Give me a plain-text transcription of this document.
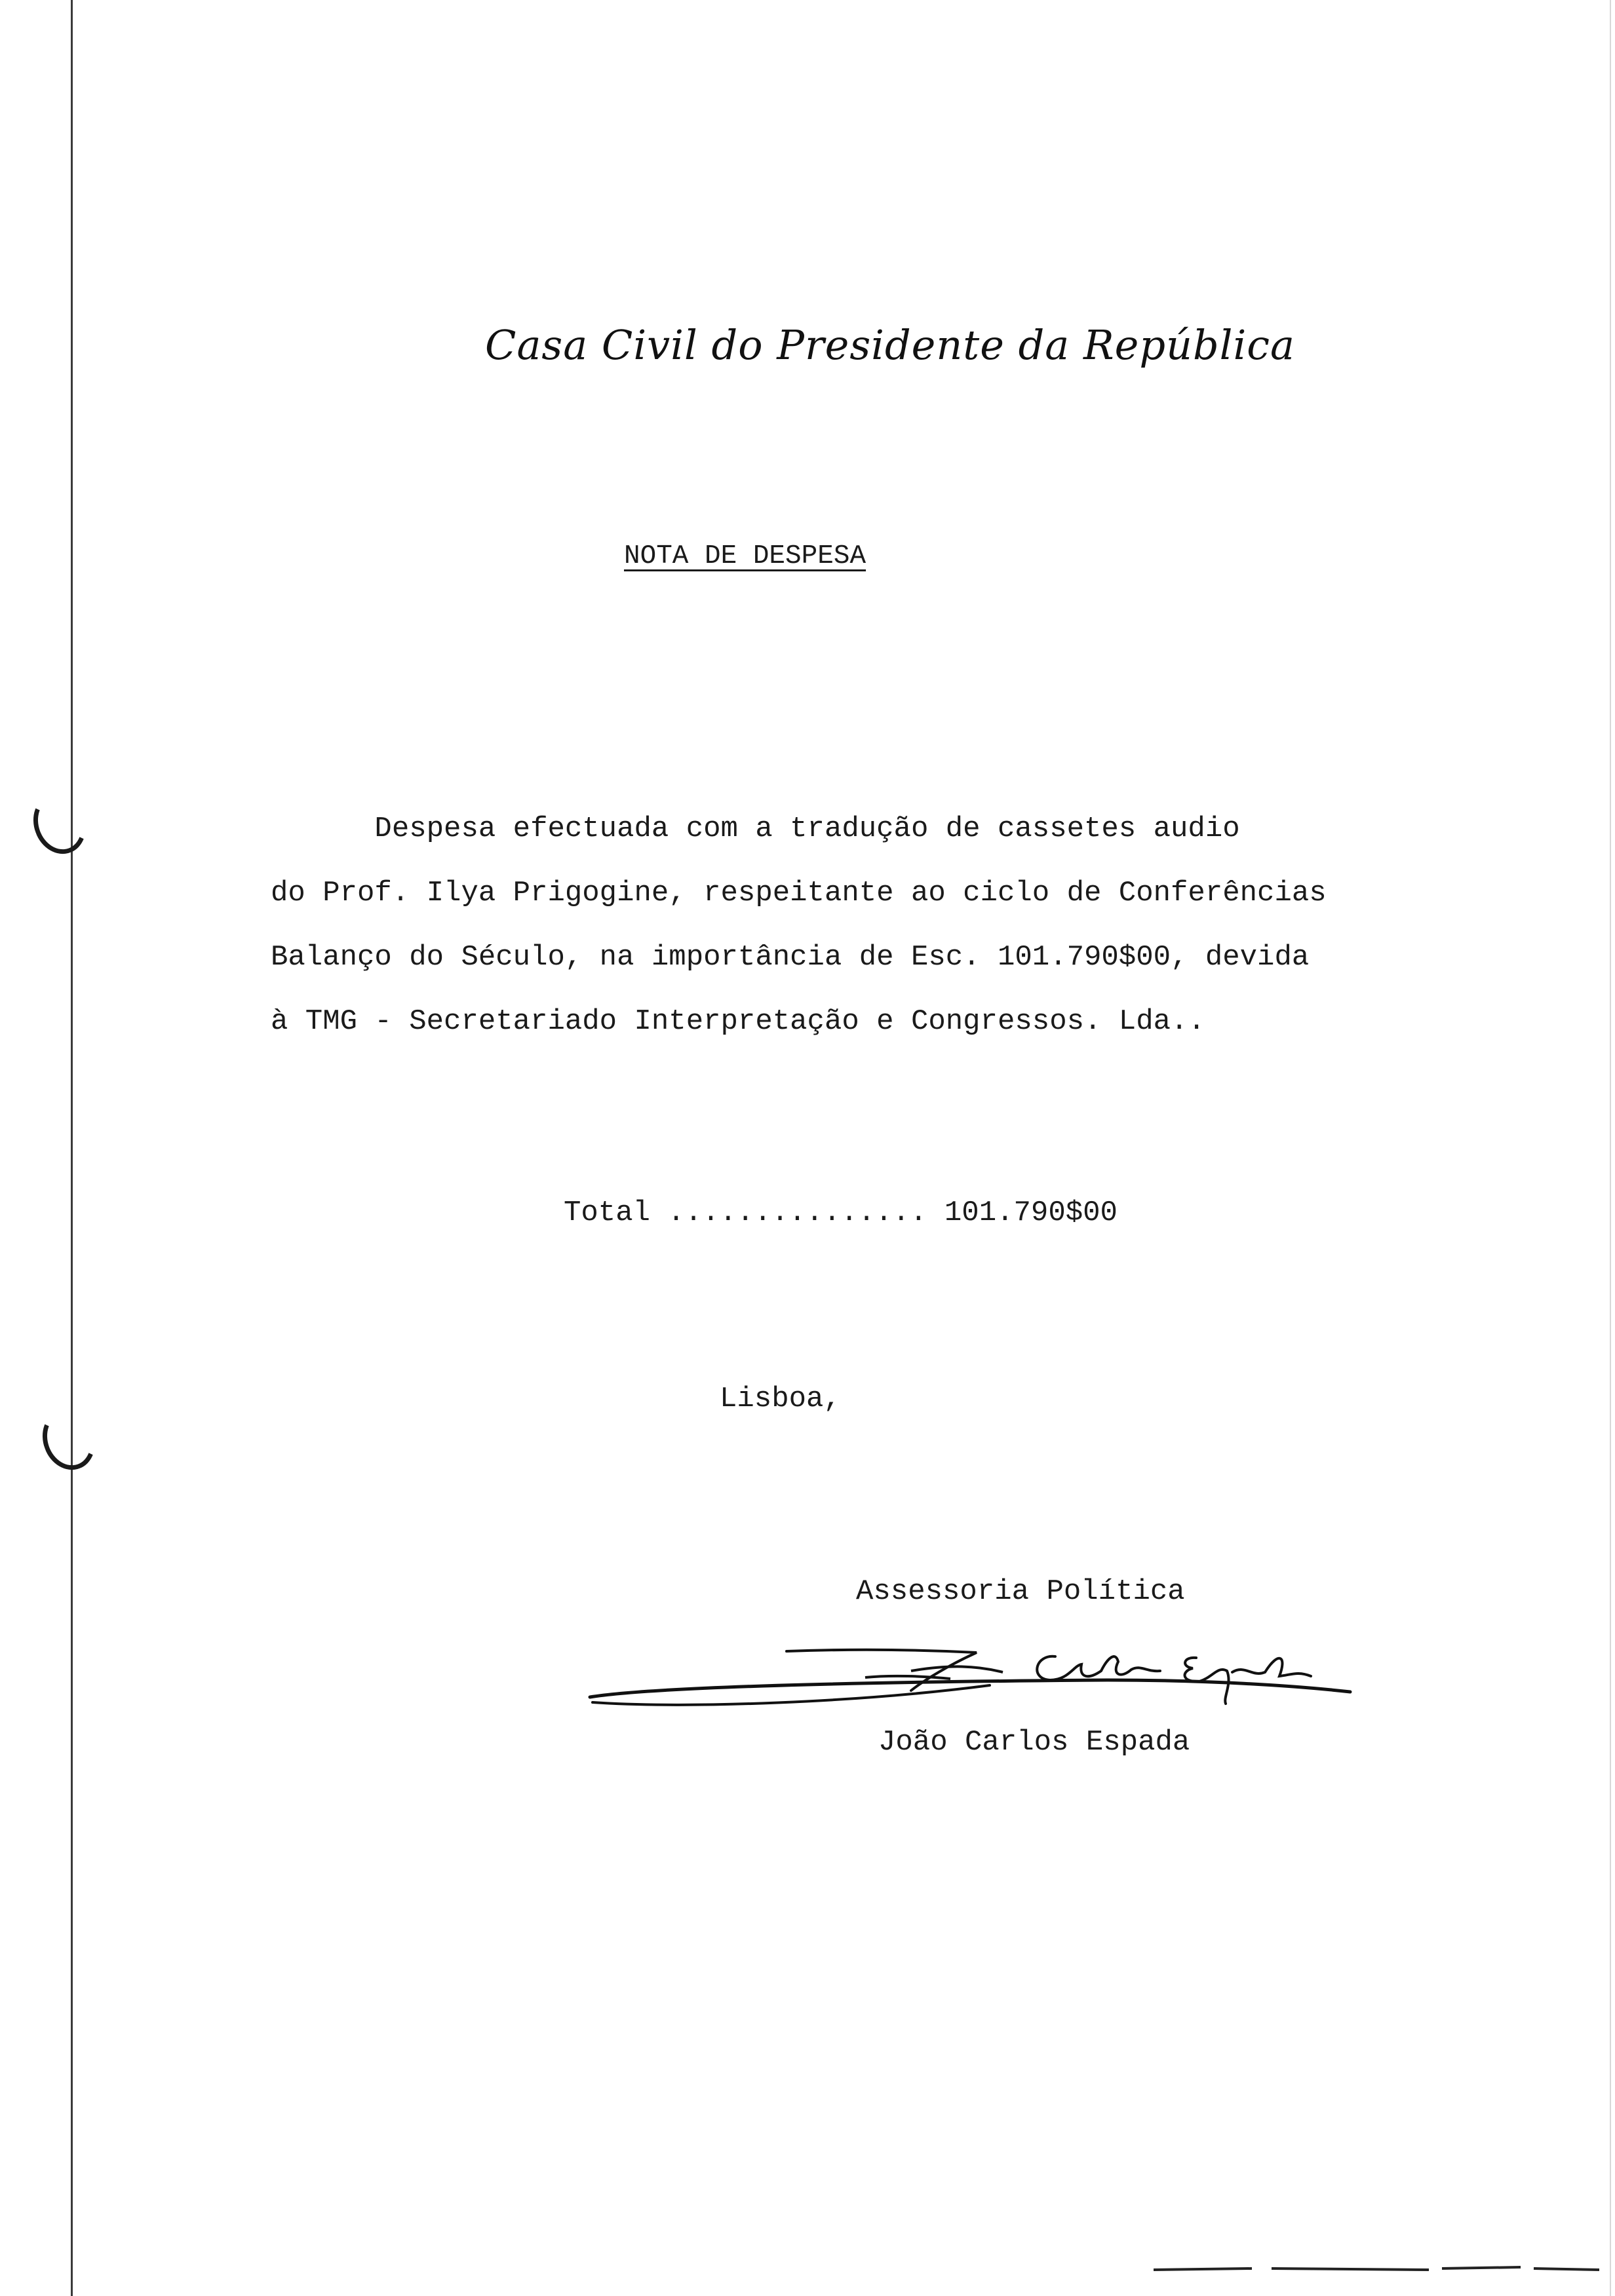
Casa Civil do Presidente da República
NOTA DE DESPESA
Despesa efectuada com a tradução de cassetes audio
do Prof. Ilya Prigogine, respeitante ao ciclo de Conferências
Balanço do Século, na importância de Esc. 101.790$00, devida
à TMG - Secretariado Interpretação e Congressos. Lda..
Total ............... 101.790$00
Lisboa,
Assessoria Política
João Carlos Espada
